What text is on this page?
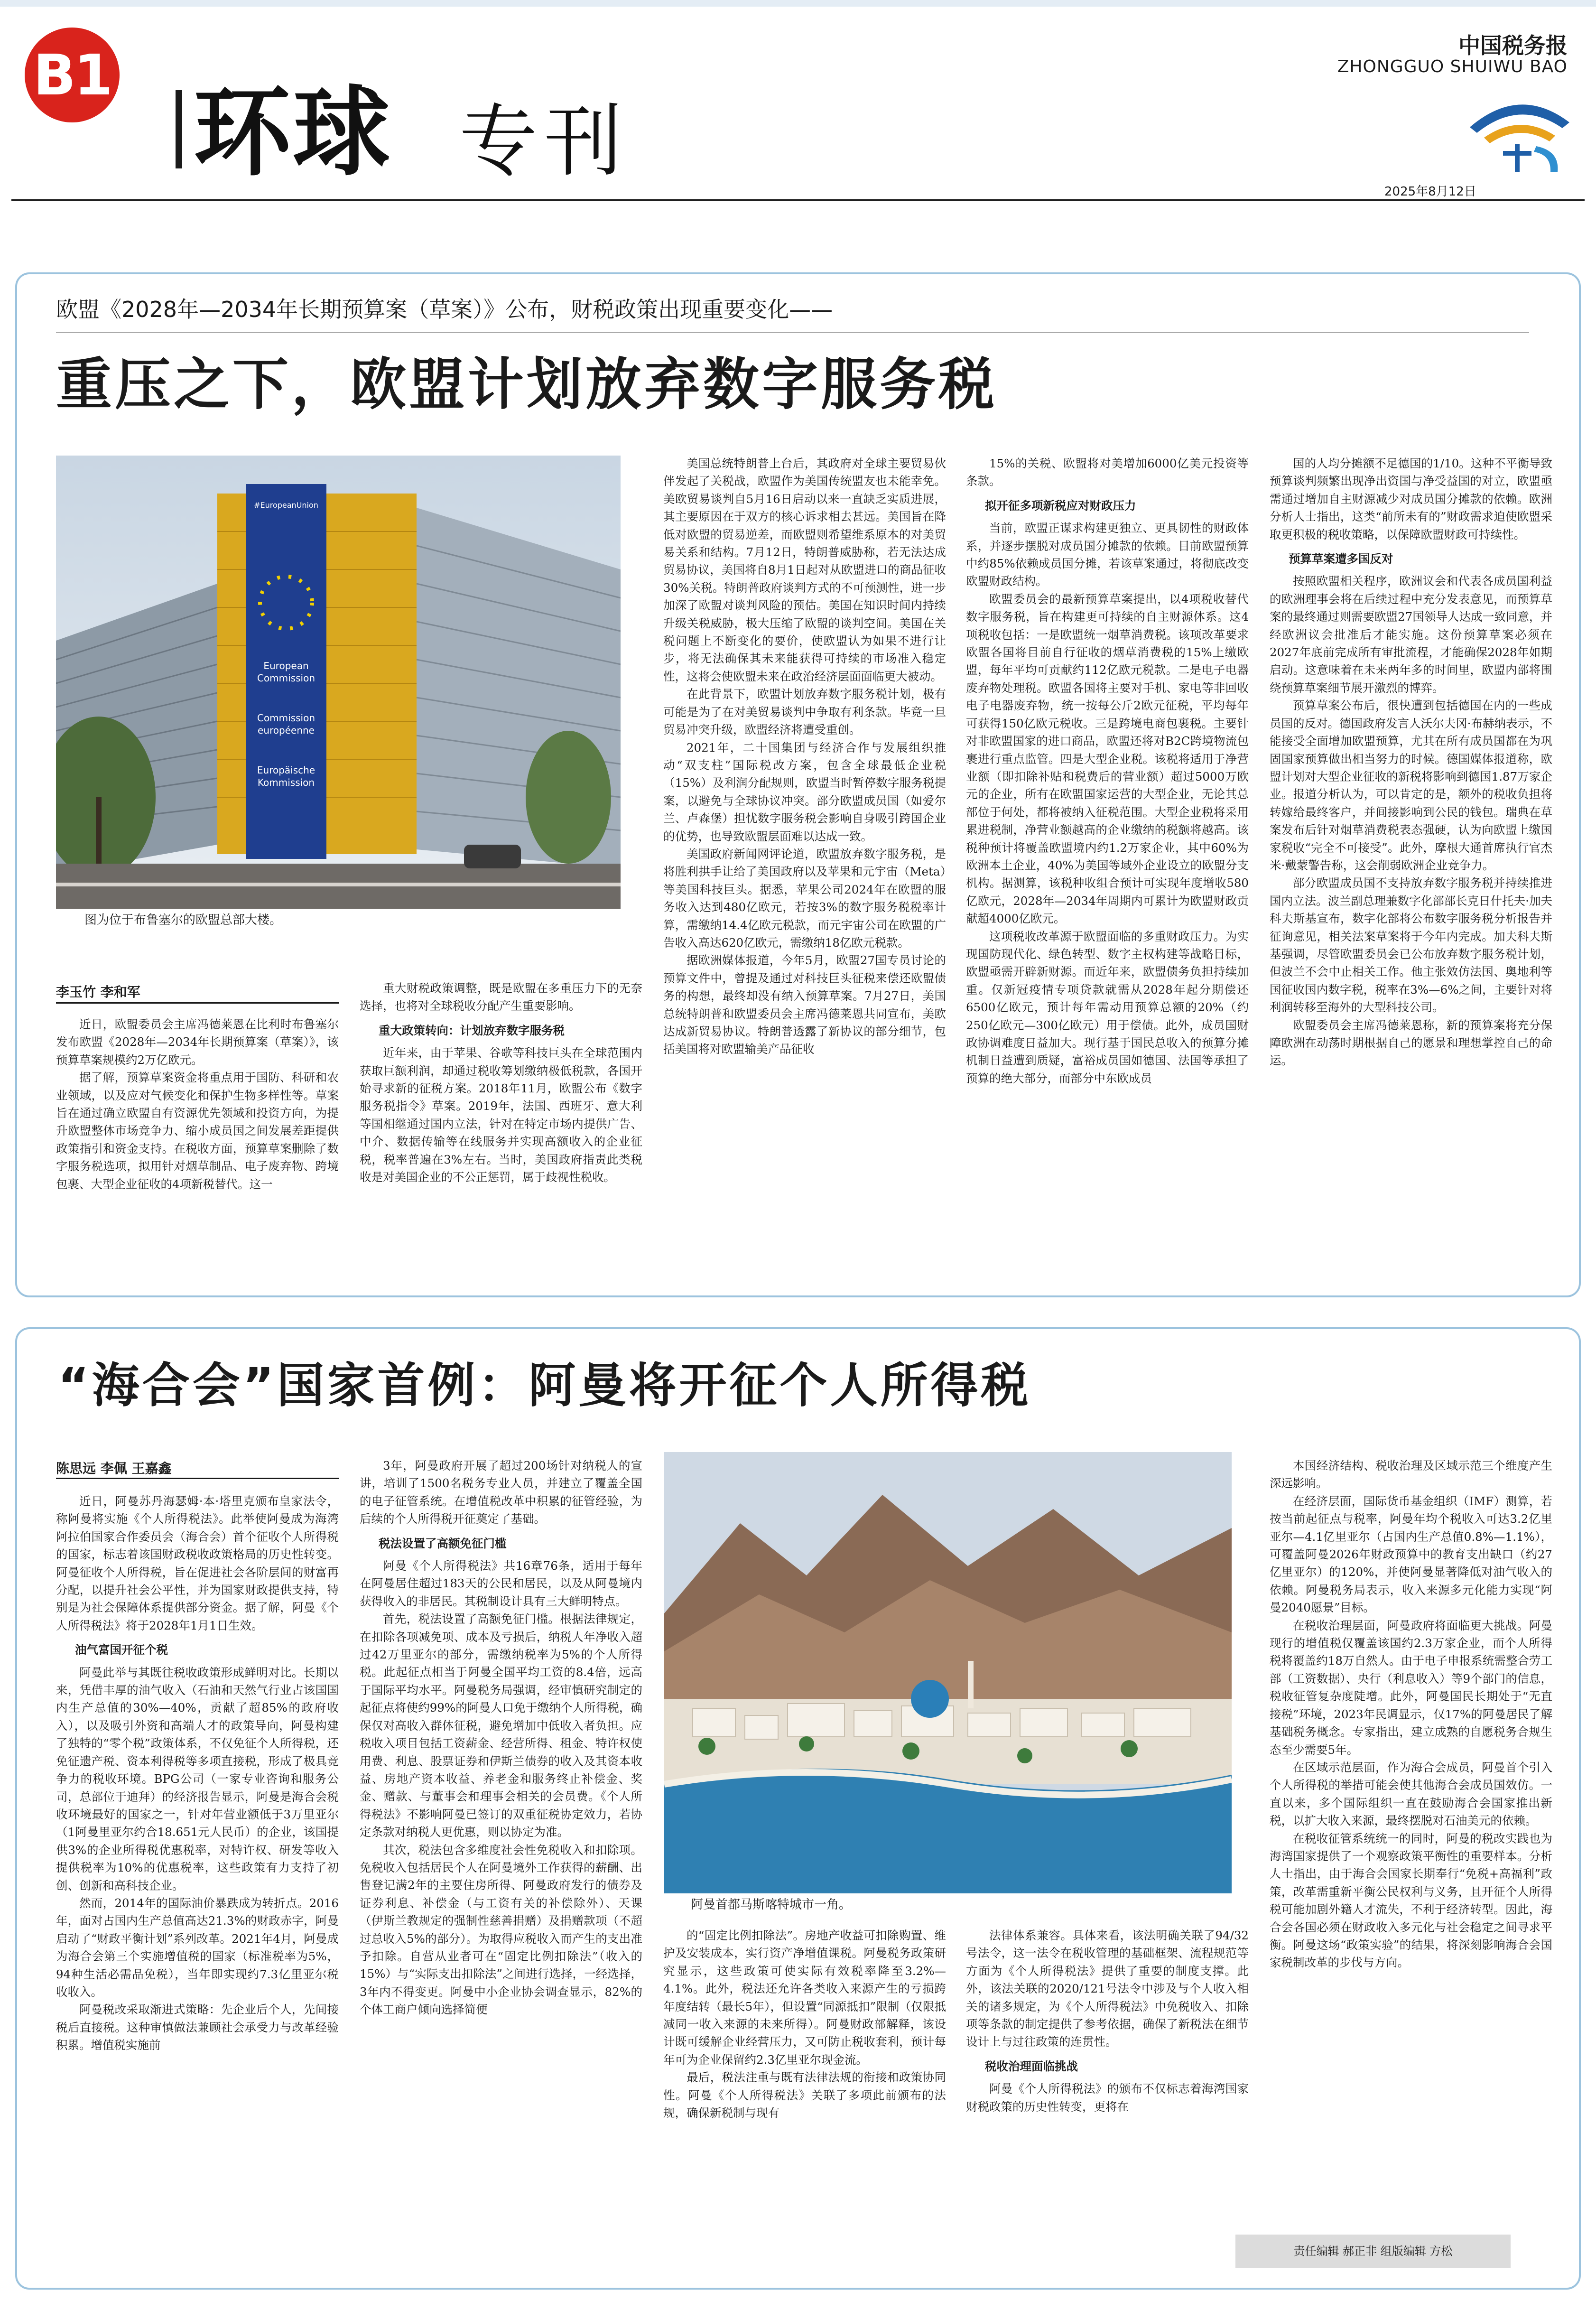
B1
环球 专刊
中国税务报
ZHONGGUO SHUIWU BAO
2025年8月12日
欧盟《2028年—2034年长期预算案（草案）》公布，财税政策出现重要变化——
重压之下，欧盟计划放弃数字服务税
#EuropeanUnion
European
Commission
Commission
européenne
Europäische
Kommission
图为位于布鲁塞尔的欧盟总部大楼。
李玉竹 李和军

近日，欧盟委员会主席冯德莱恩在比利时布鲁塞尔发布欧盟《2028年—2034年长期预算案（草案）》，该预算草案规模约2万亿欧元。

据了解，预算草案资金将重点用于国防、科研和农业领域，以及应对气候变化和保护生物多样性等。草案旨在通过确立欧盟自有资源优先领域和投资方向，为提升欧盟整体市场竞争力、缩小成员国之间发展差距提供政策指引和资金支持。在税收方面，预算草案删除了数字服务税选项，拟用针对烟草制品、电子废弃物、跨境包裹、大型企业征收的4项新税替代。这一

重大财税政策调整，既是欧盟在多重压力下的无奈选择，也将对全球税收分配产生重要影响。

重大政策转向：计划放弃数字服务税

近年来，由于苹果、谷歌等科技巨头在全球范围内获取巨额利润，却通过税收筹划缴纳极低税款，各国开始寻求新的征税方案。2018年11月，欧盟公布《数字服务税指令》草案。2019年，法国、西班牙、意大利等国相继通过国内立法，针对在特定市场内提供广告、中介、数据传输等在线服务并实现高额收入的企业征税，税率普遍在3%左右。当时，美国政府指责此类税收是对美国企业的不公正惩罚，属于歧视性税收。

美国总统特朗普上台后，其政府对全球主要贸易伙伴发起了关税战，欧盟作为美国传统盟友也未能幸免。美欧贸易谈判自5月16日启动以来一直缺乏实质进展，其主要原因在于双方的核心诉求相去甚远。美国旨在降低对欧盟的贸易逆差，而欧盟则希望维系原本的对美贸易关系和结构。7月12日，特朗普威胁称，若无法达成贸易协议，美国将自8月1日起对从欧盟进口的商品征收30%关税。特朗普政府谈判方式的不可预测性，进一步加深了欧盟对谈判风险的预估。美国在知识时间内持续升级关税威胁，极大压缩了欧盟的谈判空间。美国在关税问题上不断变化的要价，使欧盟认为如果不进行让步，将无法确保其未来能获得可持续的市场准入稳定性，这将会使欧盟未来在政治经济层面面临更大被动。

在此背景下，欧盟计划放弃数字服务税计划，极有可能是为了在对美贸易谈判中争取有利条款。毕竟一旦贸易冲突升级，欧盟经济将遭受重创。

2021年，二十国集团与经济合作与发展组织推动“双支柱”国际税改方案，包含全球最低企业税（15%）及利润分配规则，欧盟当时暂停数字服务税提案，以避免与全球协议冲突。部分欧盟成员国（如爱尔兰、卢森堡）担忧数字服务税会影响自身吸引跨国企业的优势，也导致欧盟层面难以达成一致。

美国政府新闻网评论道，欧盟放弃数字服务税，是将胜利拱手让给了美国政府以及苹果和元宇宙（Meta）等美国科技巨头。据悉，苹果公司2024年在欧盟的服务收入达到480亿欧元，若按3%的数字服务税税率计算，需缴纳14.4亿欧元税款，而元宇宙公司在欧盟的广告收入高达620亿欧元，需缴纳18亿欧元税款。

据欧洲媒体报道，今年5月，欧盟27国专员讨论的预算文件中，曾提及通过对科技巨头征税来偿还欧盟债务的构想，最终却没有纳入预算草案。7月27日，美国总统特朗普和欧盟委员会主席冯德莱恩共同宣布，美欧达成新贸易协议。特朗普透露了新协议的部分细节，包括美国将对欧盟输美产品征收

15%的关税、欧盟将对美增加6000亿美元投资等条款。

拟开征多项新税应对财政压力

当前，欧盟正谋求构建更独立、更具韧性的财政体系，并逐步摆脱对成员国分摊款的依赖。目前欧盟预算中约85%依赖成员国分摊，若该草案通过，将彻底改变欧盟财政结构。

欧盟委员会的最新预算草案提出，以4项税收替代数字服务税，旨在构建更可持续的自主财源体系。这4项税收包括：一是欧盟统一烟草消费税。该项改革要求欧盟各国将目前自行征收的烟草消费税的15%上缴欧盟，每年平均可贡献约112亿欧元税款。二是电子电器废弃物处理税。欧盟各国将主要对手机、家电等非回收电子电器废弃物，统一按每公斤2欧元征税，平均每年可获得150亿欧元税收。三是跨境电商包裹税。主要针对非欧盟国家的进口商品，欧盟还将对B2C跨境物流包裹进行重点监管。四是大型企业税。该税将适用于净营业额（即扣除补贴和税费后的营业额）超过5000万欧元的企业，所有在欧盟国家运营的大型企业，无论其总部位于何处，都将被纳入征税范围。大型企业税将采用累进税制，净营业额越高的企业缴纳的税额将越高。该税种预计将覆盖欧盟境内约1.2万家企业，其中60%为欧洲本土企业，40%为美国等域外企业设立的欧盟分支机构。据测算，该税种收组合预计可实现年度增收580亿欧元，2028年—2034年周期内可累计为欧盟财政贡献超4000亿欧元。

这项税收改革源于欧盟面临的多重财政压力。为实现国防现代化、绿色转型、数字主权构建等战略目标，欧盟亟需开辟新财源。而近年来，欧盟债务负担持续加重。仅新冠疫情专项贷款就需从2028年起分期偿还6500亿欧元，预计每年需动用预算总额的20%（约250亿欧元—300亿欧元）用于偿债。此外，成员国财政协调难度日益加大。现行基于国民总收入的预算分摊机制日益遭到质疑，富裕成员国如德国、法国等承担了预算的绝大部分，而部分中东欧成员

国的人均分摊额不足德国的1/10。这种不平衡导致预算谈判频繁出现净出资国与净受益国的对立，欧盟亟需通过增加自主财源减少对成员国分摊款的依赖。欧洲分析人士指出，这类“前所未有的”财政需求迫使欧盟采取更积极的税收策略，以保障欧盟财政可持续性。

预算草案遭多国反对

按照欧盟相关程序，欧洲议会和代表各成员国利益的欧洲理事会将在后续过程中充分发表意见，而预算草案的最终通过则需要欧盟27国领导人达成一致同意，并经欧洲议会批准后才能实施。这份预算草案必须在2027年底前完成所有审批流程，才能确保2028年如期启动。这意味着在未来两年多的时间里，欧盟内部将围绕预算草案细节展开激烈的博弈。

预算草案公布后，很快遭到包括德国在内的一些成员国的反对。德国政府发言人沃尔夫冈·布赫纳表示，不能接受全面增加欧盟预算，尤其在所有成员国都在为巩固国家预算做出相当努力的时候。德国媒体报道称，欧盟计划对大型企业征收的新税将影响到德国1.87万家企业。报道分析认为，可以肯定的是，额外的税收负担将转嫁给最终客户，并间接影响到公民的钱包。瑞典在草案发布后针对烟草消费税表态强硬，认为向欧盟上缴国家税收“完全不可接受”。此外，摩根大通首席执行官杰米·戴蒙警告称，这会削弱欧洲企业竞争力。

部分欧盟成员国不支持放弃数字服务税并持续推进国内立法。波兰副总理兼数字化部部长克日什托夫·加夫科夫斯基宣布，数字化部将公布数字服务税分析报告并征询意见，相关法案草案将于今年内完成。加夫科夫斯基强调，尽管欧盟委员会已公布放弃数字服务税计划，但波兰不会中止相关工作。他主张效仿法国、奥地利等国征收国内数字税，税率在3%—6%之间，主要针对将利润转移至海外的大型科技公司。

欧盟委员会主席冯德莱恩称，新的预算案将充分保障欧洲在动荡时期根据自己的愿景和理想掌控自己的命运。

“海合会”国家首例：阿曼将开征个人所得税
陈思远 李佩 王嘉鑫

近日，阿曼苏丹海瑟姆·本·塔里克颁布皇家法令，称阿曼将实施《个人所得税法》。此举使阿曼成为海湾阿拉伯国家合作委员会（海合会）首个征收个人所得税的国家，标志着该国财政税收政策格局的历史性转变。阿曼征收个人所得税，旨在促进社会各阶层间的财富再分配，以提升社会公平性，并为国家财政提供支持，特别是为社会保障体系提供部分资金。据了解，阿曼《个人所得税法》将于2028年1月1日生效。

油气富国开征个税

阿曼此举与其既往税收政策形成鲜明对比。长期以来，凭借丰厚的油气收入（石油和天然气行业占该国国内生产总值的30%—40%，贡献了超85%的政府收入），以及吸引外资和高端人才的政策导向，阿曼构建了独特的“零个税”政策体系，不仅免征个人所得税，还免征遗产税、资本利得税等多项直接税，形成了极具竞争力的税收环境。BPG公司（一家专业咨询和服务公司，总部位于迪拜）的经济报告显示，阿曼是海合会税收环境最好的国家之一，针对年营业额低于3万里亚尔（1阿曼里亚尔约合18.651元人民币）的企业，该国提供3%的企业所得税优惠税率，对特许权、研发等收入提供税率为10%的优惠税率，这些政策有力支持了初创、创新和高科技企业。

然而，2014年的国际油价暴跌成为转折点。2016年，面对占国内生产总值高达21.3%的财政赤字，阿曼启动了“财政平衡计划”系列改革。2021年4月，阿曼成为海合会第三个实施增值税的国家（标准税率为5%，94种生活必需品免税），当年即实现约7.3亿里亚尔税收收入。

阿曼税改采取渐进式策略：先企业后个人，先间接税后直接税。这种审慎做法兼顾社会承受力与改革经验积累。增值税实施前

3年，阿曼政府开展了超过200场针对纳税人的宣讲，培训了1500名税务专业人员，并建立了覆盖全国的电子征管系统。在增值税改革中积累的征管经验，为后续的个人所得税开征奠定了基础。

税法设置了高额免征门槛

阿曼《个人所得税法》共16章76条，适用于每年在阿曼居住超过183天的公民和居民，以及从阿曼境内获得收入的非居民。其税制设计具有三大鲜明特点。

首先，税法设置了高额免征门槛。根据法律规定，在扣除各项减免项、成本及亏损后，纳税人年净收入超过42万里亚尔的部分，需缴纳税率为5%的个人所得税。此起征点相当于阿曼全国平均工资的8.4倍，远高于国际平均水平。阿曼税务局强调，经审慎研究制定的起征点将使约99%的阿曼人口免于缴纳个人所得税，确保仅对高收入群体征税，避免增加中低收入者负担。应税收入项目包括工资薪金、经营所得、租金、特许权使用费、利息、股票证券和伊斯兰债券的收入及其资本收益、房地产资本收益、养老金和服务终止补偿金、奖金、赠款、与董事会和理事会相关的会员费。《个人所得税法》不影响阿曼已签订的双重征税协定效力，若协定条款对纳税人更优惠，则以协定为准。

其次，税法包含多维度社会性免税收入和扣除项。免税收入包括居民个人在阿曼境外工作获得的薪酬、出售登记满2年的主要住房所得、阿曼政府发行的债券及证券利息、补偿金（与工资有关的补偿除外）、天课（伊斯兰教规定的强制性慈善捐赠）及捐赠款项（不超过总收入5%的部分）。为取得应税收入而产生的支出准予扣除。自营从业者可在“固定比例扣除法”（收入的15%）与“实际支出扣除法”之间进行选择，一经选择，3年内不得变更。阿曼中小企业协会调查显示，82%的个体工商户倾向选择简便

阿曼首都马斯喀特城市一角。

的“固定比例扣除法”。房地产收益可扣除购置、维护及安装成本，实行资产净增值课税。阿曼税务政策研究显示，这些政策可使实际有效税率降至3.2%—4.1%。此外，税法还允许各类收入来源产生的亏损跨年度结转（最长5年），但设置“同源抵扣”限制（仅限抵减同一收入来源的未来所得）。阿曼财政部解释，该设计既可缓解企业经营压力，又可防止税收套利，预计每年可为企业保留约2.3亿里亚尔现金流。

最后，税法注重与既有法律法规的衔接和政策协同性。阿曼《个人所得税法》关联了多项此前颁布的法规，确保新税制与现有

法律体系兼容。具体来看，该法明确关联了94/32号法令，这一法令在税收管理的基础框架、流程规范等方面为《个人所得税法》提供了重要的制度支撑。此外，该法关联的2020/121号法令中涉及与个人收入相关的诸多规定，为《个人所得税法》中免税收入、扣除项等条款的制定提供了参考依据，确保了新税法在细节设计上与过往政策的连贯性。

税收治理面临挑战

阿曼《个人所得税法》的颁布不仅标志着海湾国家财税政策的历史性转变，更将在

本国经济结构、税收治理及区域示范三个维度产生深远影响。

在经济层面，国际货币基金组织（IMF）测算，若按当前起征点与税率，阿曼年均个税收入可达3.2亿里亚尔—4.1亿里亚尔（占国内生产总值0.8%—1.1%），可覆盖阿曼2026年财政预算中的教育支出缺口（约27亿里亚尔）的120%，并使阿曼显著降低对油气收入的依赖。阿曼税务局表示，收入来源多元化能力实现“阿曼2040愿景”目标。

在税收治理层面，阿曼政府将面临更大挑战。阿曼现行的增值税仅覆盖该国约2.3万家企业，而个人所得税将覆盖约18万自然人。由于电子申报系统需整合劳工部（工资数据）、央行（利息收入）等9个部门的信息，税收征管复杂度陡增。此外，阿曼国民长期处于“无直接税”环境，2023年民调显示，仅17%的阿曼居民了解基础税务概念。专家指出，建立成熟的自愿税务合规生态至少需要5年。

在区域示范层面，作为海合会成员，阿曼首个引入个人所得税的举措可能会使其他海合会成员国效仿。一直以来，多个国际组织一直在鼓励海合会国家推出新税，以扩大收入来源，最终摆脱对石油美元的依赖。

在税收征管系统统一的同时，阿曼的税改实践也为海湾国家提供了一个观察政策平衡性的重要样本。分析人士指出，由于海合会国家长期奉行“免税+高福利”政策，改革需重新平衡公民权利与义务，且开征个人所得税可能加剧外籍人才流失，不利于经济转型。因此，海合会各国必须在财政收入多元化与社会稳定之间寻求平衡。阿曼这场“政策实验”的结果，将深刻影响海合会国家税制改革的步伐与方向。

责任编辑 郝正非 组版编辑 方松
